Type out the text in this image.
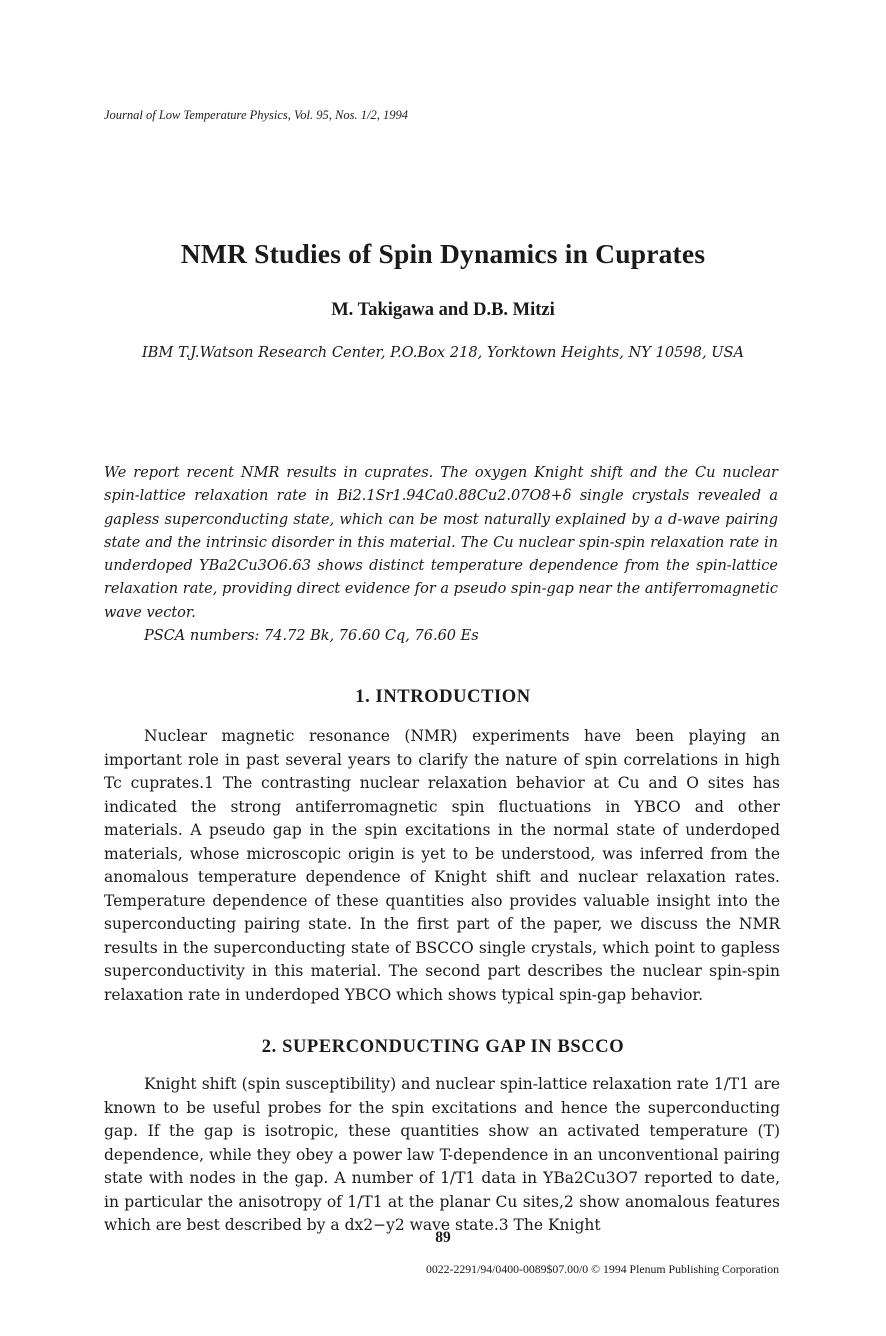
Journal of Low Temperature Physics, Vol. 95, Nos. 1/2, 1994
NMR Studies of Spin Dynamics in Cuprates
M. Takigawa and D.B. Mitzi
IBM T.J.Watson Research Center, P.O.Box 218, Yorktown Heights, NY 10598, USA
We report recent NMR results in cuprates. The oxygen Knight shift and the Cu nuclear spin-lattice relaxation rate in Bi2.1Sr1.94Ca0.88Cu2.07O8+δ single crystals revealed a gapless superconducting state, which can be most naturally explained by a d-wave pairing state and the intrinsic disorder in this material. The Cu nuclear spin-spin relaxation rate in underdoped YBa2Cu3O6.63 shows distinct temperature dependence from the spin-lattice relaxation rate, providing direct evidence for a pseudo spin-gap near the antiferromagnetic wave vector.
PSCA numbers: 74.72 Bk, 76.60 Cq, 76.60 Es
1. INTRODUCTION

Nuclear magnetic resonance (NMR) experiments have been playing an important role in past several years to clarify the nature of spin correlations in high Tc cuprates.1 The contrasting nuclear relaxation behavior at Cu and O sites has indicated the strong antiferromagnetic spin fluctuations in YBCO and other materials. A pseudo gap in the spin excitations in the normal state of underdoped materials, whose microscopic origin is yet to be understood, was inferred from the anomalous temperature dependence of Knight shift and nuclear relaxation rates. Temperature dependence of these quantities also provides valuable insight into the superconducting pairing state. In the first part of the paper, we discuss the NMR results in the superconducting state of BSCCO single crystals, which point to gapless superconductivity in this material. The second part describes the nuclear spin-spin relaxation rate in underdoped YBCO which shows typical spin-gap behavior.

2. SUPERCONDUCTING GAP IN BSCCO

Knight shift (spin susceptibility) and nuclear spin-lattice relaxation rate 1/T1 are known to be useful probes for the spin excitations and hence the superconducting gap. If the gap is isotropic, these quantities show an activated temperature (T) dependence, while they obey a power law T-dependence in an unconventional pairing state with nodes in the gap. A number of 1/T1 data in YBa2Cu3O7 reported to date, in particular the anisotropy of 1/T1 at the planar Cu sites,2 show anomalous features which are best described by a dx2−y2 wave state.3 The Knight

89
0022-2291/94/0400-0089$07.00/0 © 1994 Plenum Publishing Corporation
